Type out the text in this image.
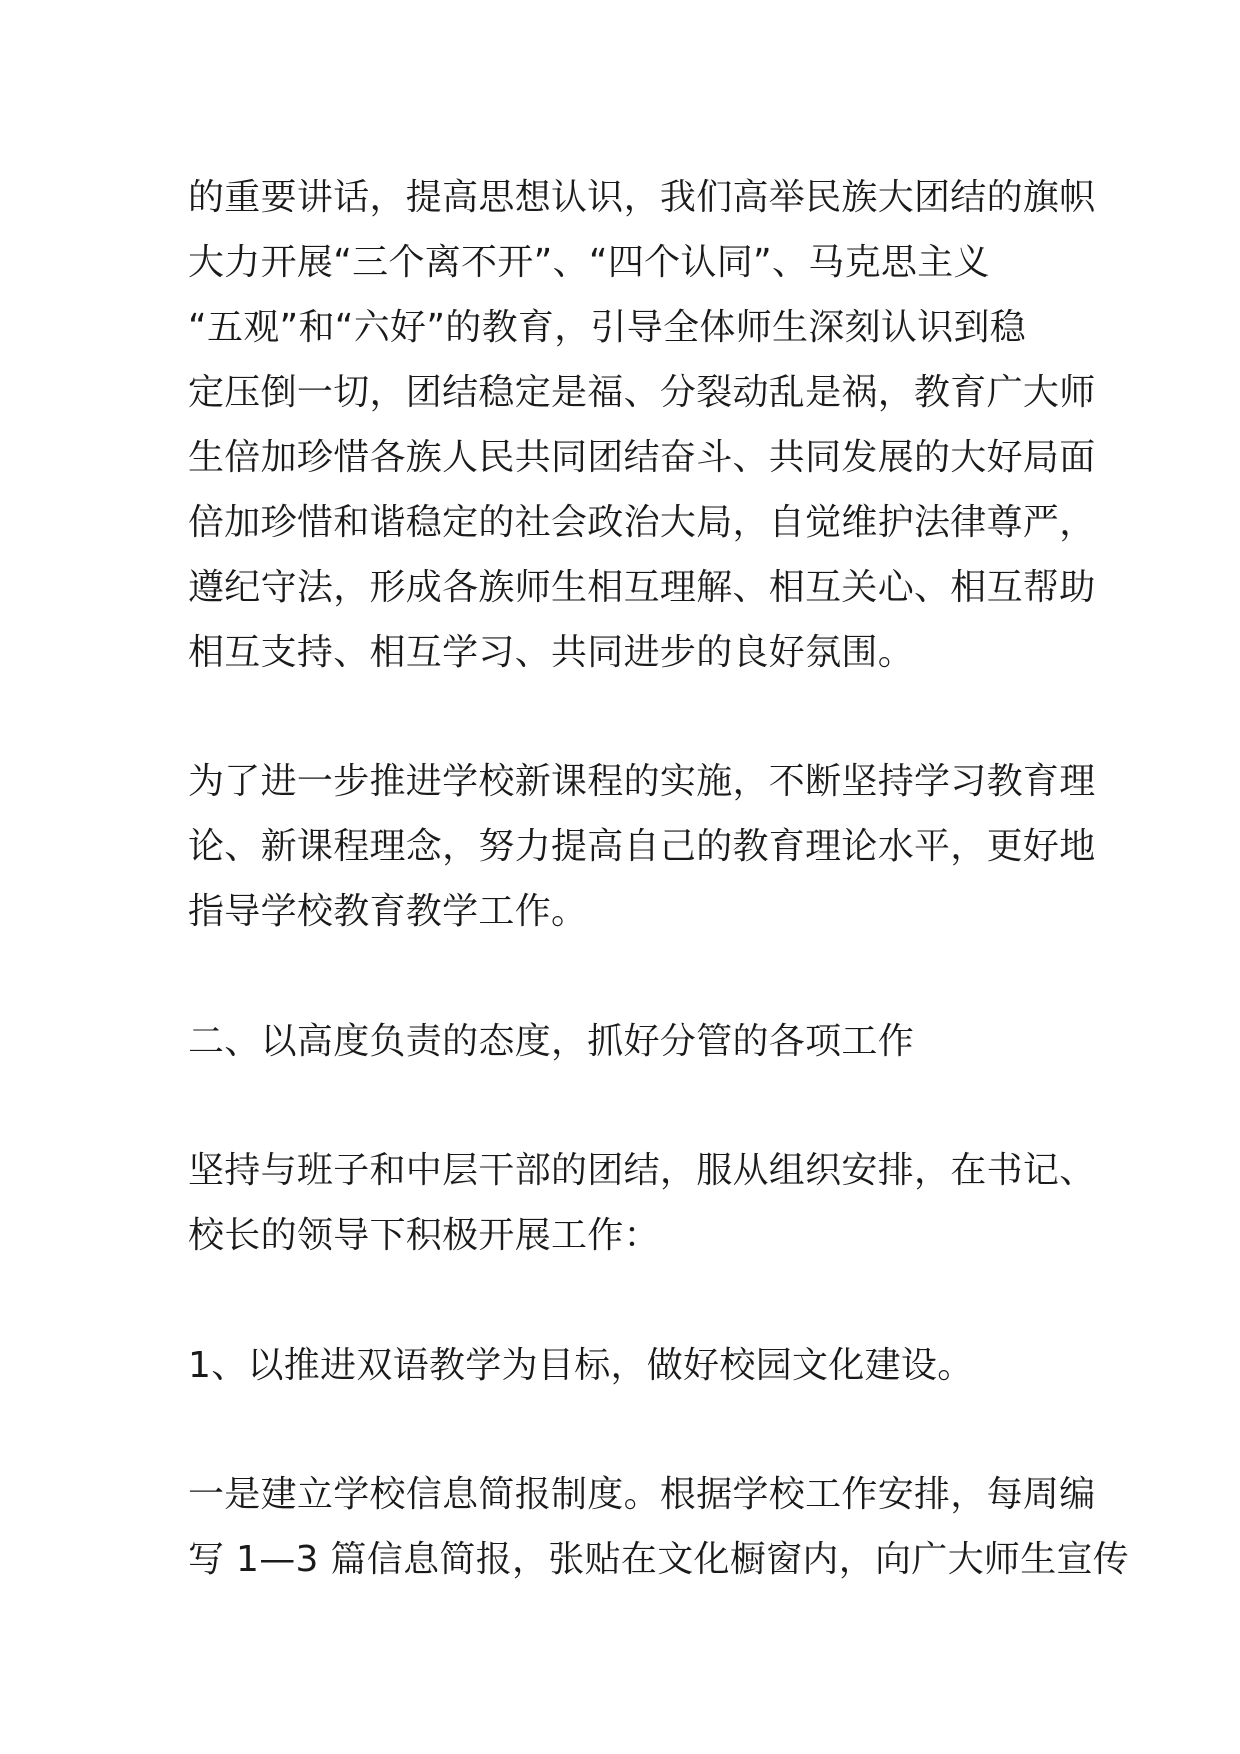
的重要讲话，提高思想认识，我们高举民族大团结的旗帜

大力开展“三个离不开”、“四个认同”、马克思主义

“五观”和“六好”的教育，引导全体师生深刻认识到稳

定压倒一切，团结稳定是福、分裂动乱是祸，教育广大师

生倍加珍惜各族人民共同团结奋斗、共同发展的大好局面

倍加珍惜和谐稳定的社会政治大局，自觉维护法律尊严，

遵纪守法，形成各族师生相互理解、相互关心、相互帮助

相互支持、相互学习、共同进步的良好氛围。

为了进一步推进学校新课程的实施，不断坚持学习教育理

论、新课程理念，努力提高自己的教育理论水平，更好地

指导学校教育教学工作。

二、以高度负责的态度，抓好分管的各项工作

坚持与班子和中层干部的团结，服从组织安排，在书记、

校长的领导下积极开展工作：

1、以推进双语教学为目标，做好校园文化建设。

一是建立学校信息简报制度。根据学校工作安排，每周编

写 1—3 篇信息简报，张贴在文化橱窗内，向广大师生宣传
